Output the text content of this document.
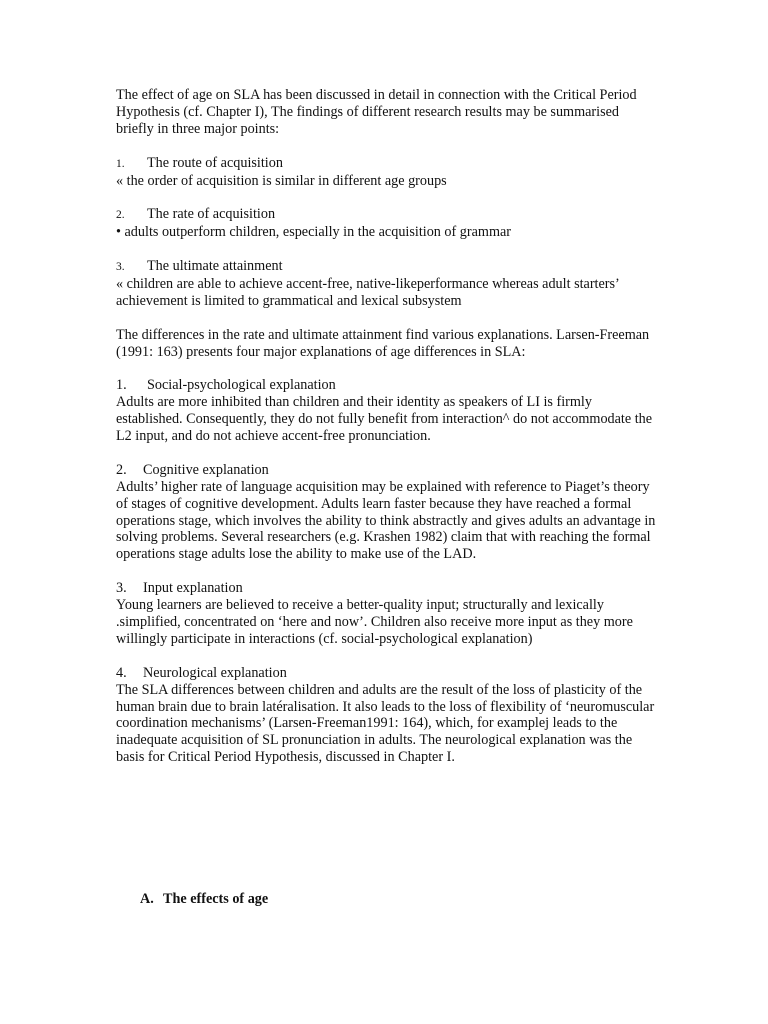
The effect of age on SLA has been discussed in detail in connection with the Critical Period Hypothesis (cf. Chapter I), The findings of different research results may be summarised briefly in three major points:

1. The route of acquisition
« the order of acquisition is similar in different age groups

2. The rate of acquisition
• adults outperform children, especially in the acquisition of grammar

3. The ultimate attainment
« children are able to achieve accent-free, native-likeperformance whereas adult starters’ achievement is limited to grammatical and lexical subsystem

The differences in the rate and ultimate attainment find various explanations. Larsen-Freeman (1991: 163) presents four major explanations of age differences in SLA:

1. Social-psychological explanation
Adults are more inhibited than children and their identity as speakers of LI is firmly established. Consequently, they do not fully benefit from interaction^ do not accommodate the L2 input, and do not achieve accent-free pronunciation.

2. Cognitive explanation
Adults’ higher rate of language acquisition may be explained with reference to Piaget’s theory of stages of cognitive development. Adults learn faster because they have reached a formal operations stage, which involves the ability to think abstractly and gives adults an advantage in solving problems. Several researchers (e.g. Krashen 1982) claim that with reaching the formal operations stage adults lose the ability to make use of the LAD.

3. Input explanation
Young learners are believed to receive a better-quality input; structurally and lexically .simplified, concentrated on ‘here and now’. Children also receive more input as they more willingly participate in interactions (cf. social-psychological explanation)

4. Neurological explanation
The SLA differences between children and adults are the result of the loss of plasticity of the human brain due to brain latéralisation. It also leads to the loss of flexibility of ‘neuromuscular coordination mechanisms’ (Larsen-Freeman1991: 164), which, for examplej leads to the inadequate acquisition of SL pronunciation in adults. The neurological explanation was the basis for Critical Period Hypothesis, discussed in Chapter I.

A. The effects of age
